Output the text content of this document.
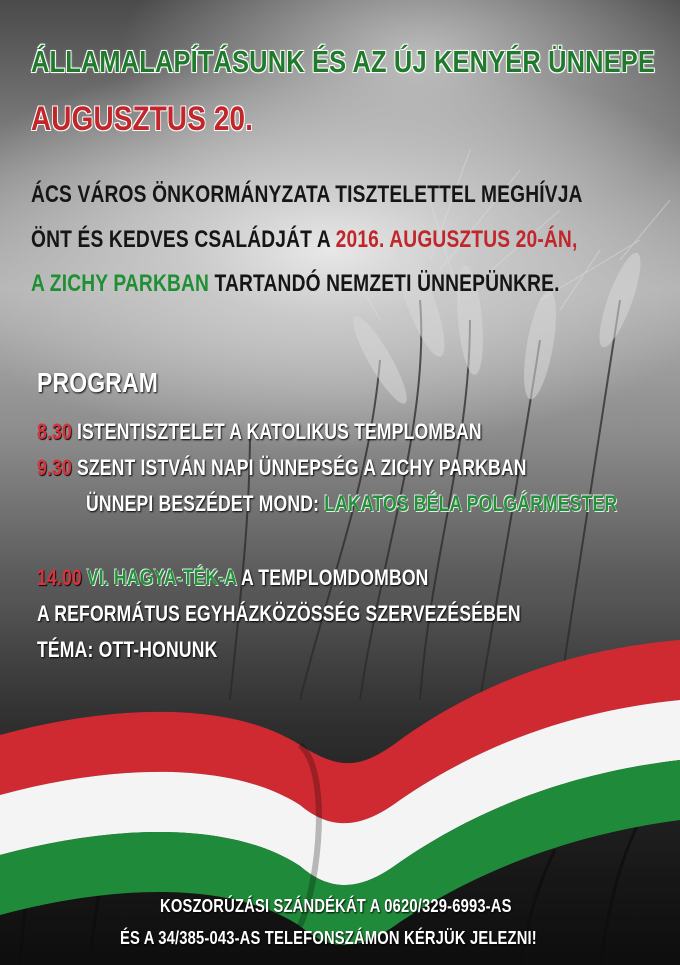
ÁLLAMALAPÍTÁSUNK ÉS AZ ÚJ KENYÉR ÜNNEPE
AUGUSZTUS 20.
ÁCS VÁROS ÖNKORMÁNYZATA TISZTELETTEL MEGHÍVJA
ÖNT ÉS KEDVES CSALÁDJÁT A 2016. AUGUSZTUS 20-ÁN,
A ZICHY PARKBAN TARTANDÓ NEMZETI ÜNNEPÜNKRE.
PROGRAM
8.30 ISTENTISZTELET A KATOLIKUS TEMPLOMBAN
9.30 SZENT ISTVÁN NAPI ÜNNEPSÉG A ZICHY PARKBAN
ÜNNEPI BESZÉDET MOND: LAKATOS BÉLA POLGÁRMESTER
14.00 VI. HAGYA-TÉK-A A TEMPLOMDOMBON
A REFORMÁTUS EGYHÁZKÖZÖSSÉG SZERVEZÉSÉBEN
TÉMA: OTT-HONUNK
KOSZORÚZÁSI SZÁNDÉKÁT A 0620/329-6993-AS
ÉS A 34/385-043-AS TELEFONSZÁMON KÉRJÜK JELEZNI!
